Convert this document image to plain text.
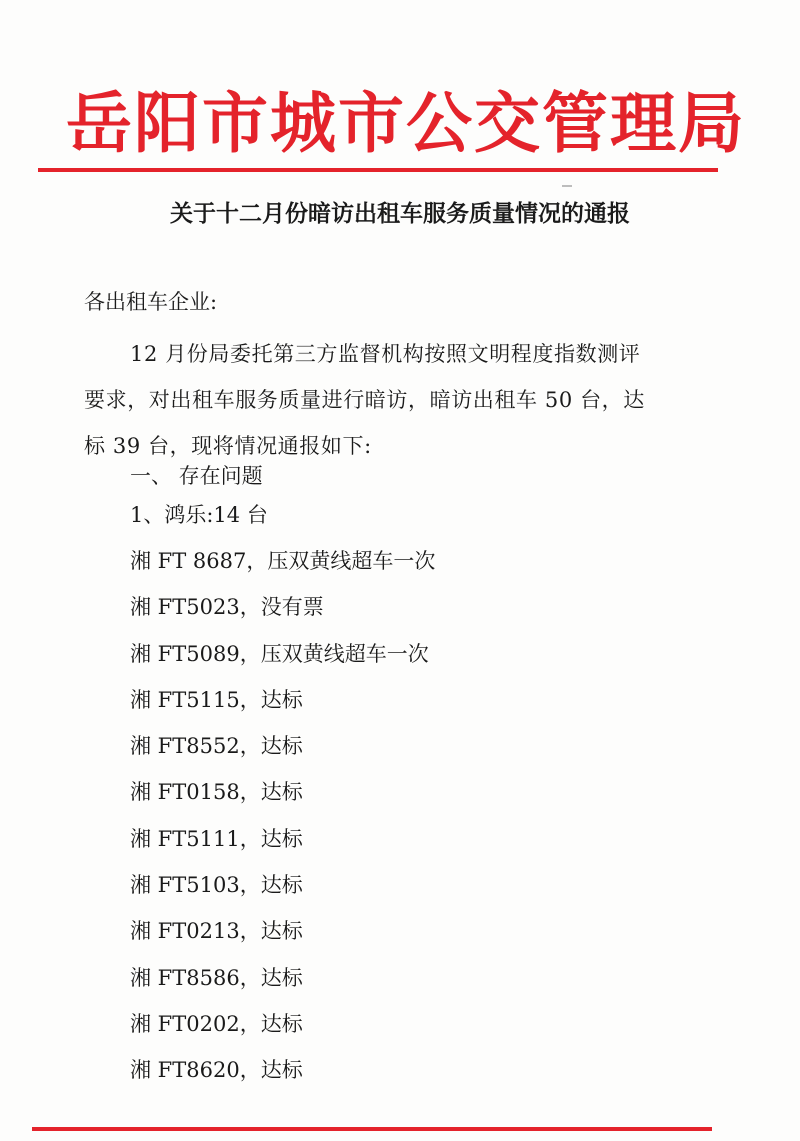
岳阳市城市公交管理局
关于十二月份暗访出租车服务质量情况的通报
各出租车企业:
12 月份局委托第三方监督机构按照文明程度指数测评
要求，对出租车服务质量进行暗访，暗访出租车 50 台，达
标 39 台，现将情况通报如下:
一、 存在问题
1、鸿乐:14 台
湘 FT 8687，压双黄线超车一次
湘 FT5023，没有票
湘 FT5089，压双黄线超车一次
湘 FT5115，达标
湘 FT8552，达标
湘 FT0158，达标
湘 FT5111，达标
湘 FT5103，达标
湘 FT0213，达标
湘 FT8586，达标
湘 FT0202，达标
湘 FT8620，达标
